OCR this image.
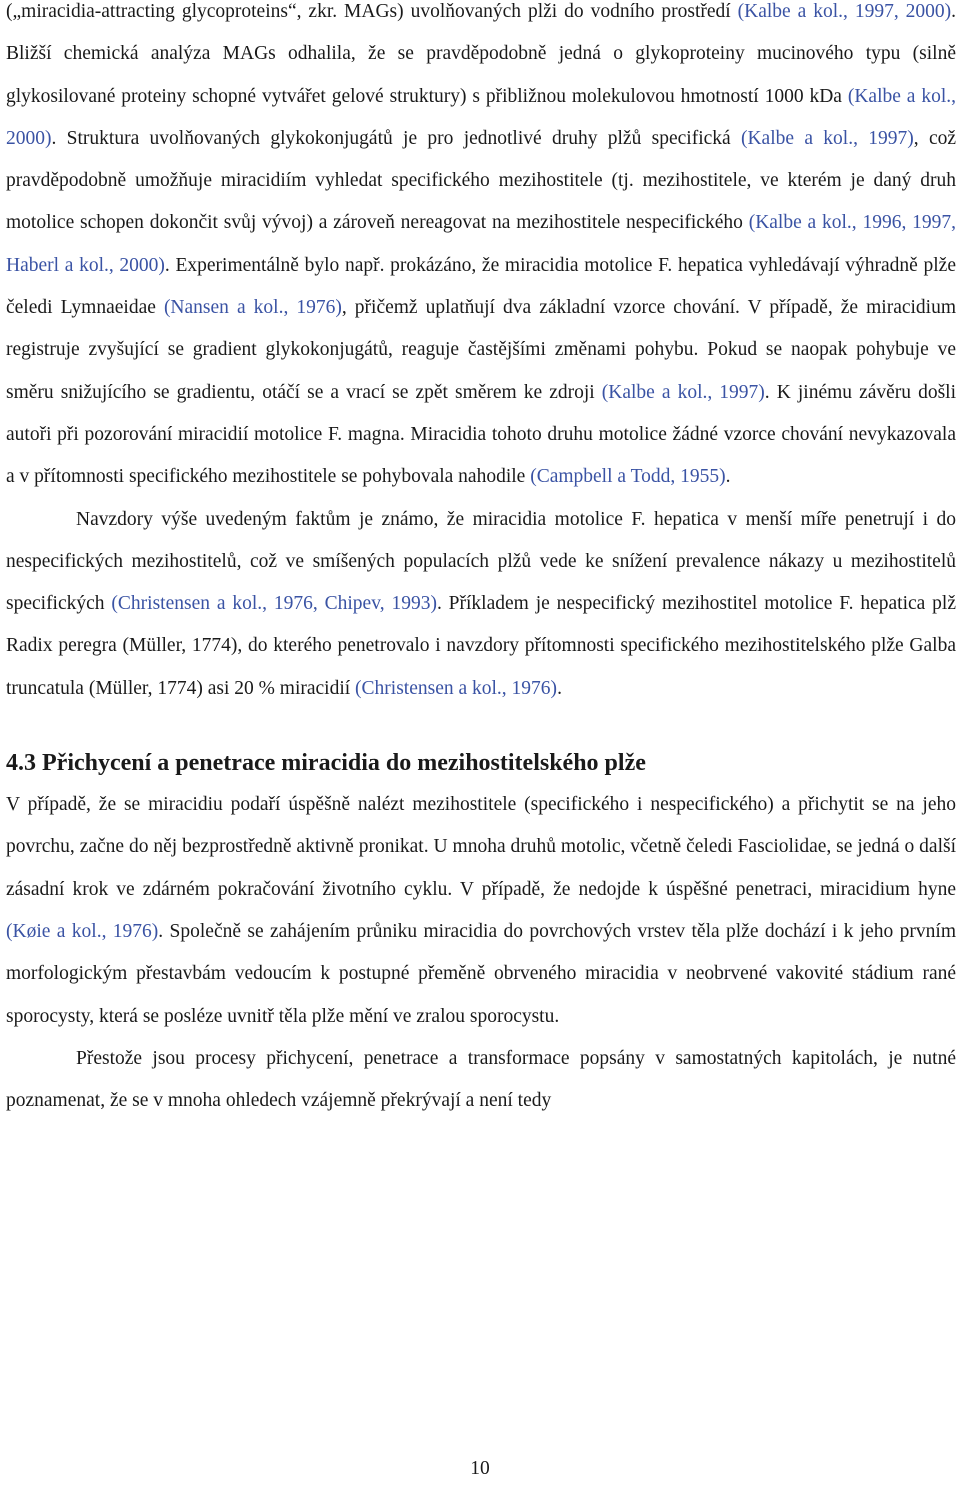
(„miracidia-attracting glycoproteins“, zkr. MAGs) uvolňovaných plži do vodního prostředí (Kalbe a kol., 1997, 2000). Bližší chemická analýza MAGs odhalila, že se pravděpodobně jedná o glykoproteiny mucinového typu (silně glykosilované proteiny schopné vytvářet gelové struktury) s přibližnou molekulovou hmotností 1000 kDa (Kalbe a kol., 2000). Struktura uvolňovaných glykokonjugátů je pro jednotlivé druhy plžů specifická (Kalbe a kol., 1997), což pravděpodobně umožňuje miracidiím vyhledat specifického mezihostitele (tj. mezihostitele, ve kterém je daný druh motolice schopen dokončit svůj vývoj) a zároveň nereagovat na mezihostitele nespecifického (Kalbe a kol., 1996, 1997, Haberl a kol., 2000). Experimentálně bylo např. prokázáno, že miracidia motolice F. hepatica vyhledávají výhradně plže čeledi Lymnaeidae (Nansen a kol., 1976), přičemž uplatňují dva základní vzorce chování. V případě, že miracidium registruje zvyšující se gradient glykokonjugátů, reaguje častějšími změnami pohybu. Pokud se naopak pohybuje ve směru snižujícího se gradientu, otáčí se a vrací se zpět směrem ke zdroji (Kalbe a kol., 1997). K jinému závěru došli autoři při pozorování miracidií motolice F. magna. Miracidia tohoto druhu motolice žádné vzorce chování nevykazovala a v přítomnosti specifického mezihostitele se pohybovala nahodile (Campbell a Todd, 1955).

Navzdory výše uvedeným faktům je známo, že miracidia motolice F. hepatica v menší míře penetrují i do nespecifických mezihostitelů, což ve smíšených populacích plžů vede ke snížení prevalence nákazy u mezihostitelů specifických (Christensen a kol., 1976, Chipev, 1993). Příkladem je nespecifický mezihostitel motolice F. hepatica plž Radix peregra (Müller, 1774), do kterého penetrovalo i navzdory přítomnosti specifického mezihostitelského plže Galba truncatula (Müller, 1774) asi 20 % miracidií (Christensen a kol., 1976).

4.3 Přichycení a penetrace miracidia do mezihostitelského plže

V případě, že se miracidiu podaří úspěšně nalézt mezihostitele (specifického i nespecifického) a přichytit se na jeho povrchu, začne do něj bezprostředně aktivně pronikat. U mnoha druhů motolic, včetně čeledi Fasciolidae, se jedná o další zásadní krok ve zdárném pokračování životního cyklu. V případě, že nedojde k úspěšné penetraci, miracidium hyne (Køie a kol., 1976). Společně se zahájením průniku miracidia do povrchových vrstev těla plže dochází i k jeho prvním morfologickým přestavbám vedoucím k postupné přeměně obrveného miracidia v neobrvené vakovité stádium rané sporocysty, která se posléze uvnitř těla plže mění ve zralou sporocystu.

Přestože jsou procesy přichycení, penetrace a transformace popsány v samostatných kapitolách, je nutné poznamenat, že se v mnoha ohledech vzájemně překrývají a není tedy

10
